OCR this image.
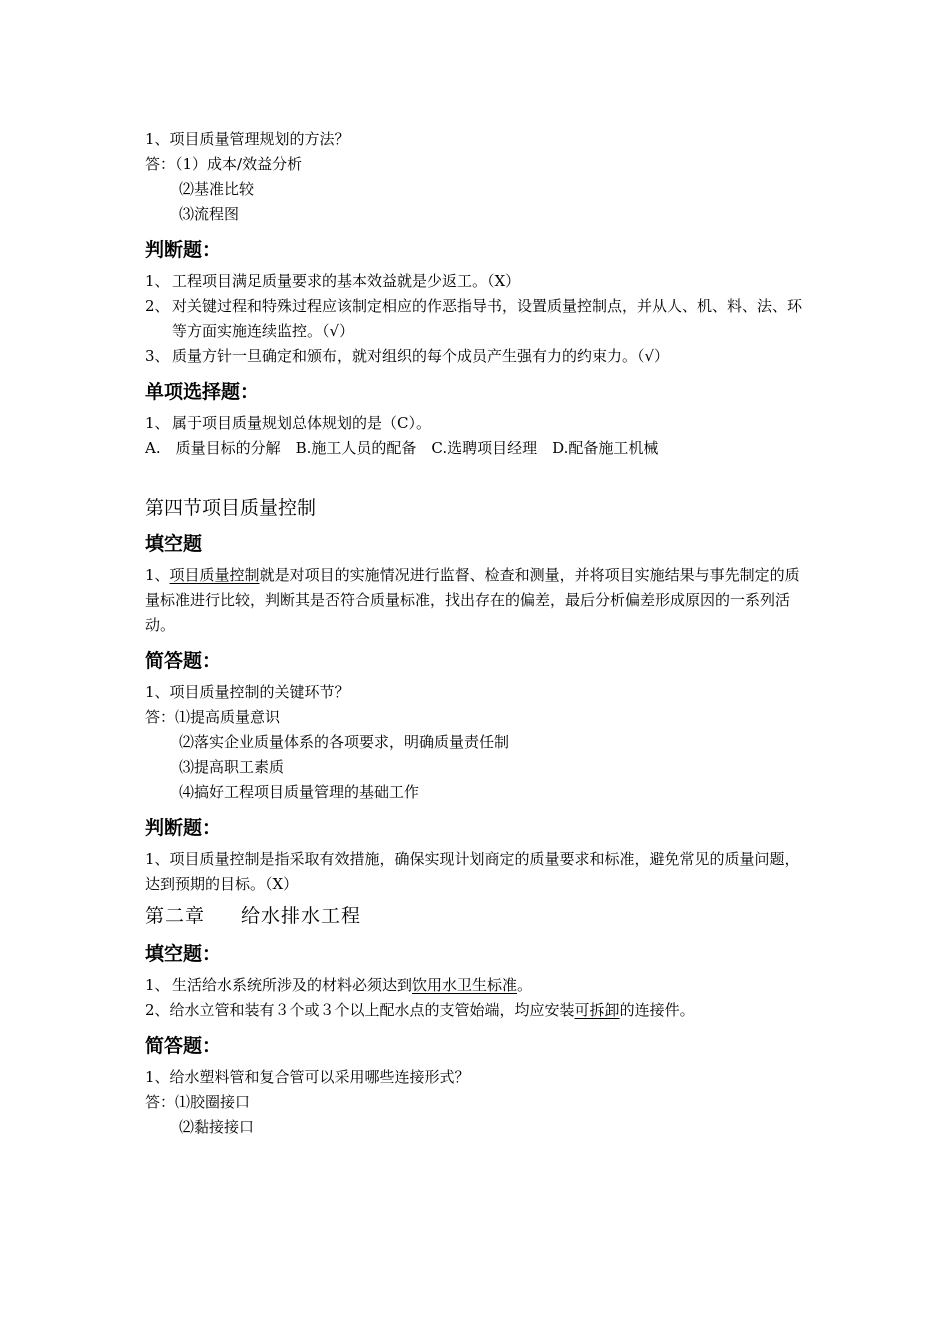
1、项目质量管理规划的方法？

答：（1）成本/效益分析

⑵基准比较

⑶流程图

判断题：
1、 工程项目满足质量要求的基本效益就是少返工。（X）
2、 对关键过程和特殊过程应该制定相应的作恶指导书，设置质量控制点，并从人、机、料、法、环等方面实施连续监控。（√）
3、 质量方针一旦确定和颁布，就对组织的每个成员产生强有力的约束力。（√）
单项选择题：
1、 属于项目质量规划总体规划的是（C）。

A.　质量目标的分解　B.施工人员的配备　C.选聘项目经理　D.配备施工机械

第四节项目质量控制
填空题

1、项目质量控制就是对项目的实施情况进行监督、检查和测量，并将项目实施结果与事先制定的质量标准进行比较，判断其是否符合质量标准，找出存在的偏差，最后分析偏差形成原因的一系列活动。

简答题：

1、项目质量控制的关键环节？

答：⑴提高质量意识

⑵落实企业质量体系的各项要求，明确质量责任制

⑶提高职工素质

⑷搞好工程项目质量管理的基础工作

判断题：

1、项目质量控制是指采取有效措施，确保实现计划商定的质量要求和标准，避免常见的质量问题，达到预期的目标。（X）

第二章 给水排水工程
填空题：
1、 生活给水系统所涉及的材料必须达到饮用水卫生标准。

2、给水立管和装有３个或３个以上配水点的支管始端，均应安装可拆卸的连接件。

简答题：

1、给水塑料管和复合管可以采用哪些连接形式？

答：⑴胶圈接口

⑵黏接接口
